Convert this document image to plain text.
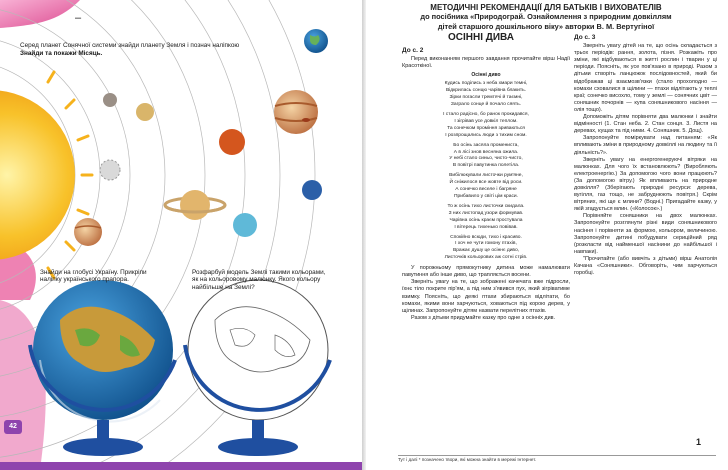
–
Серед планет Сонячної системи знайди планету Земля і познач наліпкою
Знайди та покажи Місяць.
Знайди на глобусі Україну. Прикріпи наліпку українського прапора.
Розфарбуй модель Землі такими кольорами, як на кольоровому малюнку. Якого кольору найбільше на Землі?
42
МЕТОДИЧНІ РЕКОМЕНДАЦІЇ ДЛЯ БАТЬКІВ І ВИХОВАТЕЛІВ
до посібника «Природограй. Ознайомлення з природним довкіллям
дітей старшого дошкільного віку» авторки В. М. Вертугіної
ОСІННІ ДИВА

До с. 2

Перед виконанням першого завдання прочитайте вірш Надії Красоткіної.

Осінні диво

Кудись поділись з неба хмари темні,

Відкрилась сонцю чарівна блакить.

Зірки погасли тремтячі й таємні,

Заграло сонце й почало сяять.

І стало радісно, бо ранок прокидався,

І зігрівав усе довкіл теплом.

Та сонечком проміння зриваються

І розпрощались люди з тихим сном.

Бо осінь засяла промениста,

А в лісі знов весняна ожила.

У небі стало синьо, чисто-чисто,

В повітрі павутинка полетіла.

Вибілюкували листочки рум'яне,

Й сніжилося все жовте від роси.

А сонечко веселе і багряне

Прибавило у світі цім краси.

То ж осінь тихо листочки скидала.

З них листопад узори формував.

Чарівна осінь краєм простувала

І вітерець тихенько повівав.

Спокійно всюди, тихо і красиво.

І хоч не чути гомону птахів,

Вражає душу це осіннє диво,

Листочків кольорових аж сотні стрів.

У порожньому прямокутнику дитина може намалювати павутиння або інше диво, що трапляється восени.

Зверніть увагу на те, що зображені качечата вже підросли, їхнє тіло покрите пір'ям, а під ним з'явився пух, який зігріватиме взимку. Поясніть, що деякі птахи збираються відлітати, бо комахи, якими вони харчуються, ховаються під корою дерев, у щілинах. Запропонуйте дітям назвати перелітних птахів.

Разом з дітьми придумайте казку про одне з осінніх див.

До с. 3

Зверніть увагу дітей на те, що осінь складається з трьох періодів: рання, золота, пізня. Розкажіть про зміни, які відбуваються в житті рослин і тварин у ці періоди. Поясніть, як усе пов'язано в природі. Разом з дітьми створіть ланцюжок послідовностей, який би відображав ці взаємозв'язки (стало прохолодно — комахи сховалися в щілини — птахи відлітають у теплі краї; сонечко висохло, тому у землі — сонячних цвіт — соняшник почорнів — купа соняшникового насіння — олія тощо).

Допоможіть дітям порівняти два малюнки і знайти відмінності (1. Стан неба. 2. Стан сонця. 3. Листя на деревах, кущах та під ними. 4. Соняшник. 5. Дощ).

Запропонуйте поміркувати над питанням: «Як впливають зміни в природному довкіллі на людину та її діяльність?».

Зверніть увагу на енергогенеруючі вітряки на малюнках. Для чого їх встановлюють? (Виробляють електроенергію.) За допомогою чого вони працюють? (За допомогою вітру.) Як впливають на природне довкілля? (Зберігають природні ресурси: дерева, вугілля, газ тощо, не забруднюють повітря.) Скрім вітряних, які ще є млини? (Водні.) Пригадайте казку, у якій згадується млин. («Колосок».)

Порівняйте соняшники на двох малюнках. Запропонуйте розглянути різні види соняшникового насіння і порівняти за формою, кольором, величиною. Запропонуйте дитині побудувати сериційний ряд (розкласти від найменшої насінини до найбільшої і навпаки).

"Прочитайте (або вивчіть з дітьми) вірш Анатолія Качана «Соняшники». Обговоріть, чим харчуються горобці.

Тут і далі * позначено твори, які можна знайти в мережі Інтернет.
1
